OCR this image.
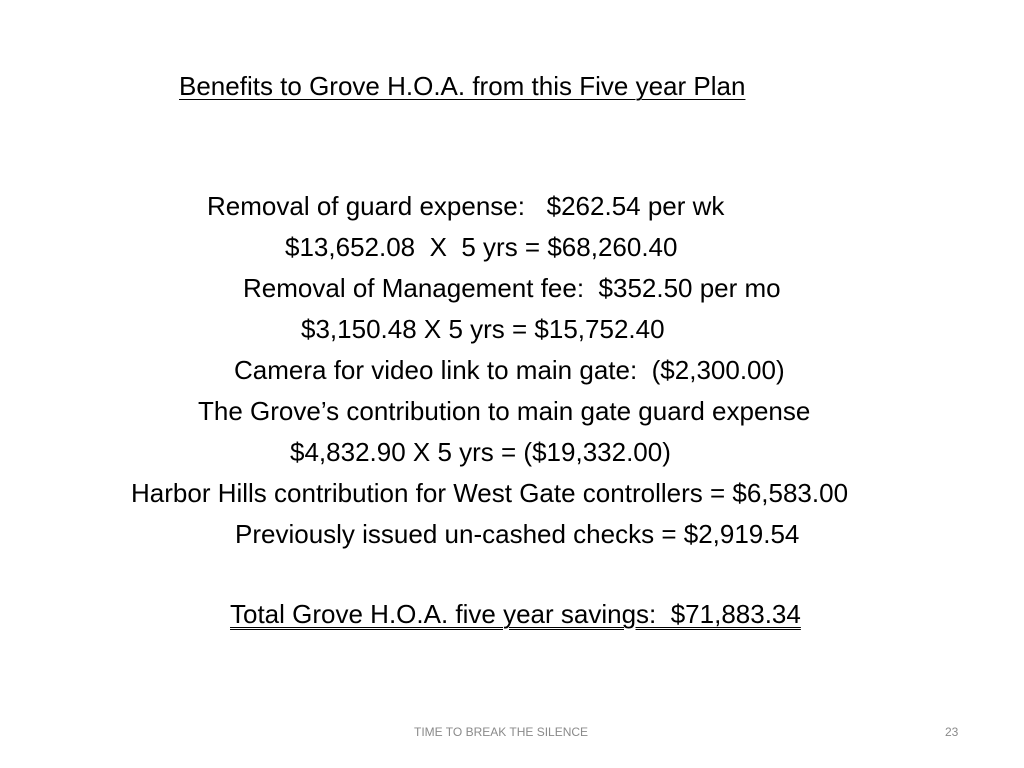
Benefits to Grove H.O.A. from this Five year Plan
Removal of guard expense:   $262.54 per wk
$13,652.08  X  5 yrs = $68,260.40
Removal of Management fee:  $352.50 per mo
$3,150.48 X 5 yrs = $15,752.40
Camera for video link to main gate:  ($2,300.00)
The Grove’s contribution to main gate guard expense
$4,832.90 X 5 yrs = ($19,332.00)
Harbor Hills contribution for West Gate controllers = $6,583.00
Previously issued un-cashed checks = $2,919.54
Total Grove H.O.A. five year savings:  $71,883.34
TIME TO BREAK THE SILENCE	23
